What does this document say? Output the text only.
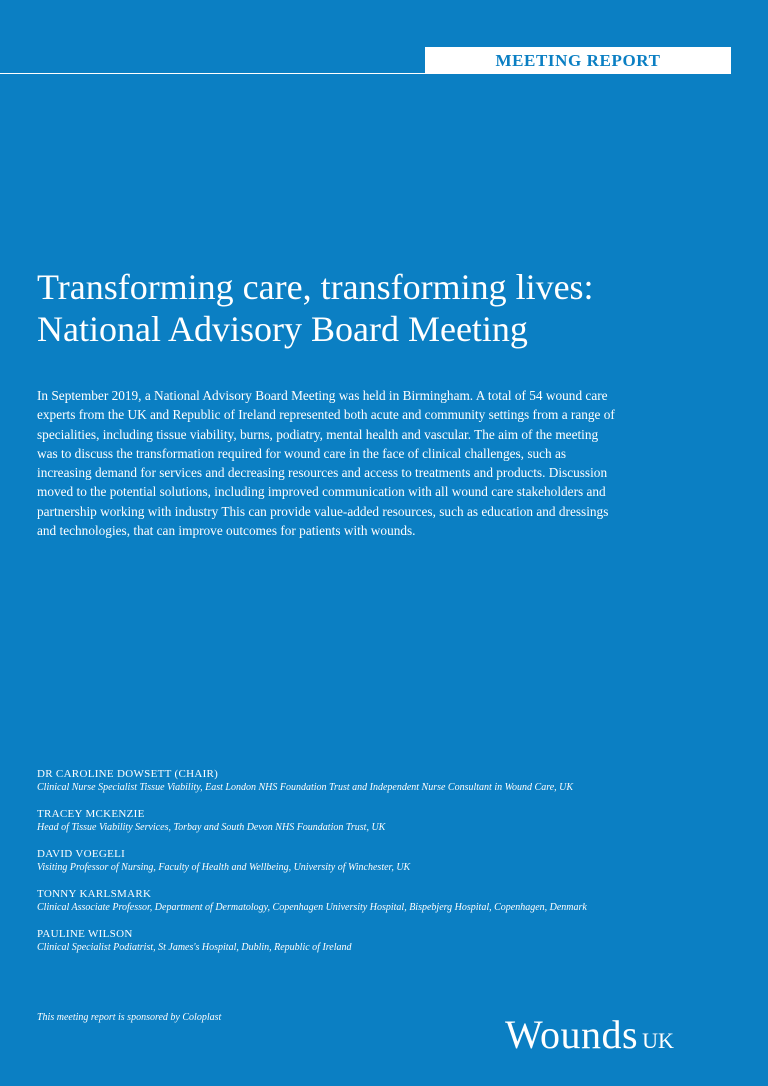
MEETING REPORT
Transforming care, transforming lives:
National Advisory Board Meeting

In September 2019, a National Advisory Board Meeting was held in Birmingham. A total of 54 wound care experts from the UK and Republic of Ireland represented both acute and community settings from a range of specialities, including tissue viability, burns, podiatry, mental health and vascular. The aim of the meeting was to discuss the transformation required for wound care in the face of clinical challenges, such as increasing demand for services and decreasing resources and access to treatments and products. Discussion moved to the potential solutions, including improved communication with all wound care stakeholders and partnership working with industry This can provide value-added resources, such as education and dressings and technologies, that can improve outcomes for patients with wounds.

DR CAROLINE DOWSETT (CHAIR)
Clinical Nurse Specialist Tissue Viability, East London NHS Foundation Trust and Independent Nurse Consultant in Wound Care, UK
TRACEY MCKENZIE
Head of Tissue Viability Services, Torbay and South Devon NHS Foundation Trust, UK
DAVID VOEGELI
Visiting Professor of Nursing, Faculty of Health and Wellbeing, University of Winchester, UK
TONNY KARLSMARK
Clinical Associate Professor, Department of Dermatology, Copenhagen University Hospital, Bispebjerg Hospital, Copenhagen, Denmark
PAULINE WILSON
Clinical Specialist Podiatrist, St James's Hospital, Dublin, Republic of Ireland
This meeting report is sponsored by Coloplast	Wounds UK
